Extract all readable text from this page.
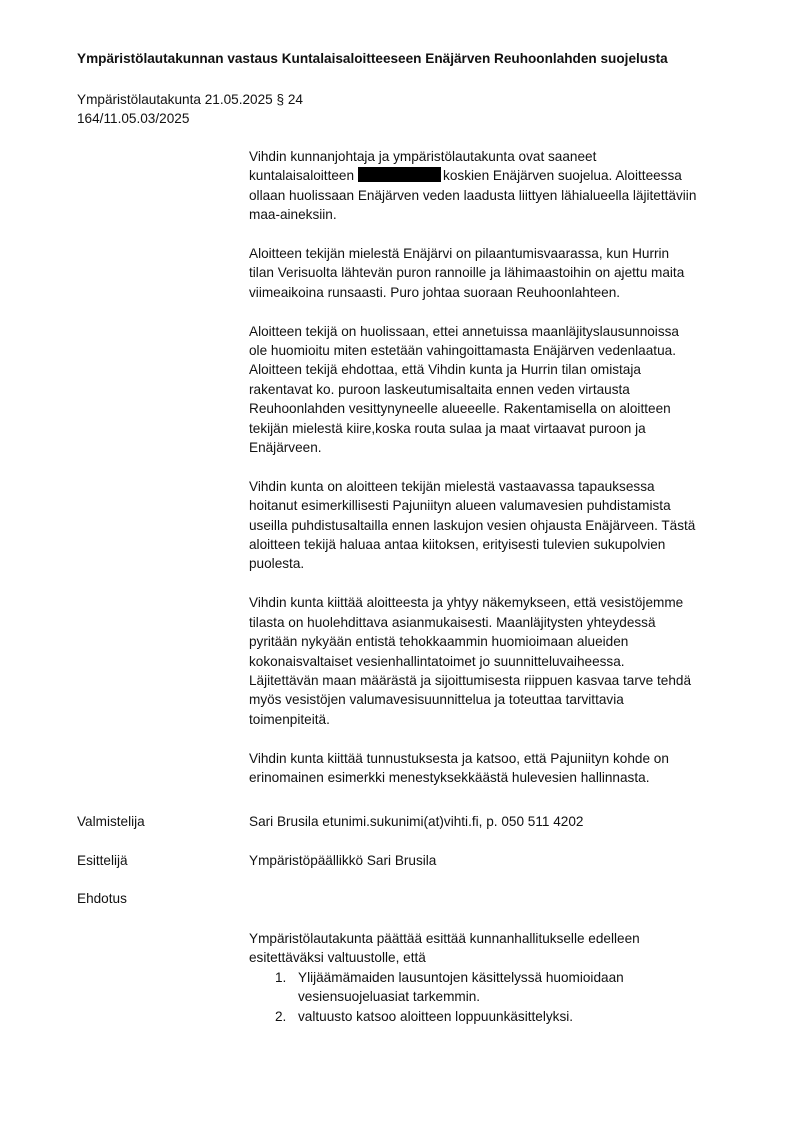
Ympäristölautakunnan vastaus Kuntalaisaloitteeseen Enäjärven Reuhoonlahden suojelusta
Ympäristölautakunta 21.05.2025 § 24
164/11.05.03/2025

Vihdin kunnanjohtaja ja ympäristölautakunta ovat saaneet
kuntalaisaloitteen	koskien Enäjärven suojelua. Aloitteessa
ollaan huolissaan Enäjärven veden laadusta liittyen lähialueella läjitettäviin
maa-aineksiin.

Aloitteen tekijän mielestä Enäjärvi on pilaantumisvaarassa, kun Hurrin
tilan Verisuolta lähtevän puron rannoille ja lähimaastoihin on ajettu maita
viimeaikoina runsaasti. Puro johtaa suoraan Reuhoonlahteen.

Aloitteen tekijä on huolissaan, ettei annetuissa maanläjityslausunnoissa
ole huomioitu miten estetään vahingoittamasta Enäjärven vedenlaatua.
Aloitteen tekijä ehdottaa, että Vihdin kunta ja Hurrin tilan omistaja
rakentavat ko. puroon laskeutumisaltaita ennen veden virtausta
Reuhoonlahden vesittynyneelle alueeelle. Rakentamisella on aloitteen
tekijän mielestä kiire,koska routa sulaa ja maat virtaavat puroon ja
Enäjärveen.

Vihdin kunta on aloitteen tekijän mielestä vastaavassa tapauksessa
hoitanut esimerkillisesti Pajuniityn alueen valumavesien puhdistamista
useilla puhdistusaltailla ennen laskujon vesien ohjausta Enäjärveen. Tästä
aloitteen tekijä haluaa antaa kiitoksen, erityisesti tulevien sukupolvien
puolesta.

Vihdin kunta kiittää aloitteesta ja yhtyy näkemykseen, että vesistöjemme
tilasta on huolehdittava asianmukaisesti. Maanläjitysten yhteydessä
pyritään nykyään entistä tehokkaammin huomioimaan alueiden
kokonaisvaltaiset vesienhallintatoimet jo suunnitteluvaiheessa.
Läjitettävän maan määrästä ja sijoittumisesta riippuen kasvaa tarve tehdä
myös vesistöjen valumavesisuunnittelua ja toteuttaa tarvittavia
toimenpiteitä.

Vihdin kunta kiittää tunnustuksesta ja katsoo, että Pajuniityn kohde on
erinomainen esimerkki menestyksekkäästä hulevesien hallinnasta.

Valmistelija	Sari Brusila etunimi.sukunimi(at)vihti.fi, p. 050 511 4202
Esittelijä	Ympäristöpäällikkö Sari Brusila
Ehdotus
Ympäristölautakunta päättää esittää kunnanhallitukselle edelleen
esitettäväksi valtuustolle, että
1. Ylijäämämaiden lausuntojen käsittelyssä huomioidaan
vesiensuojeluasiat tarkemmin.
2. valtuusto katsoo aloitteen loppuunkäsittelyksi.
